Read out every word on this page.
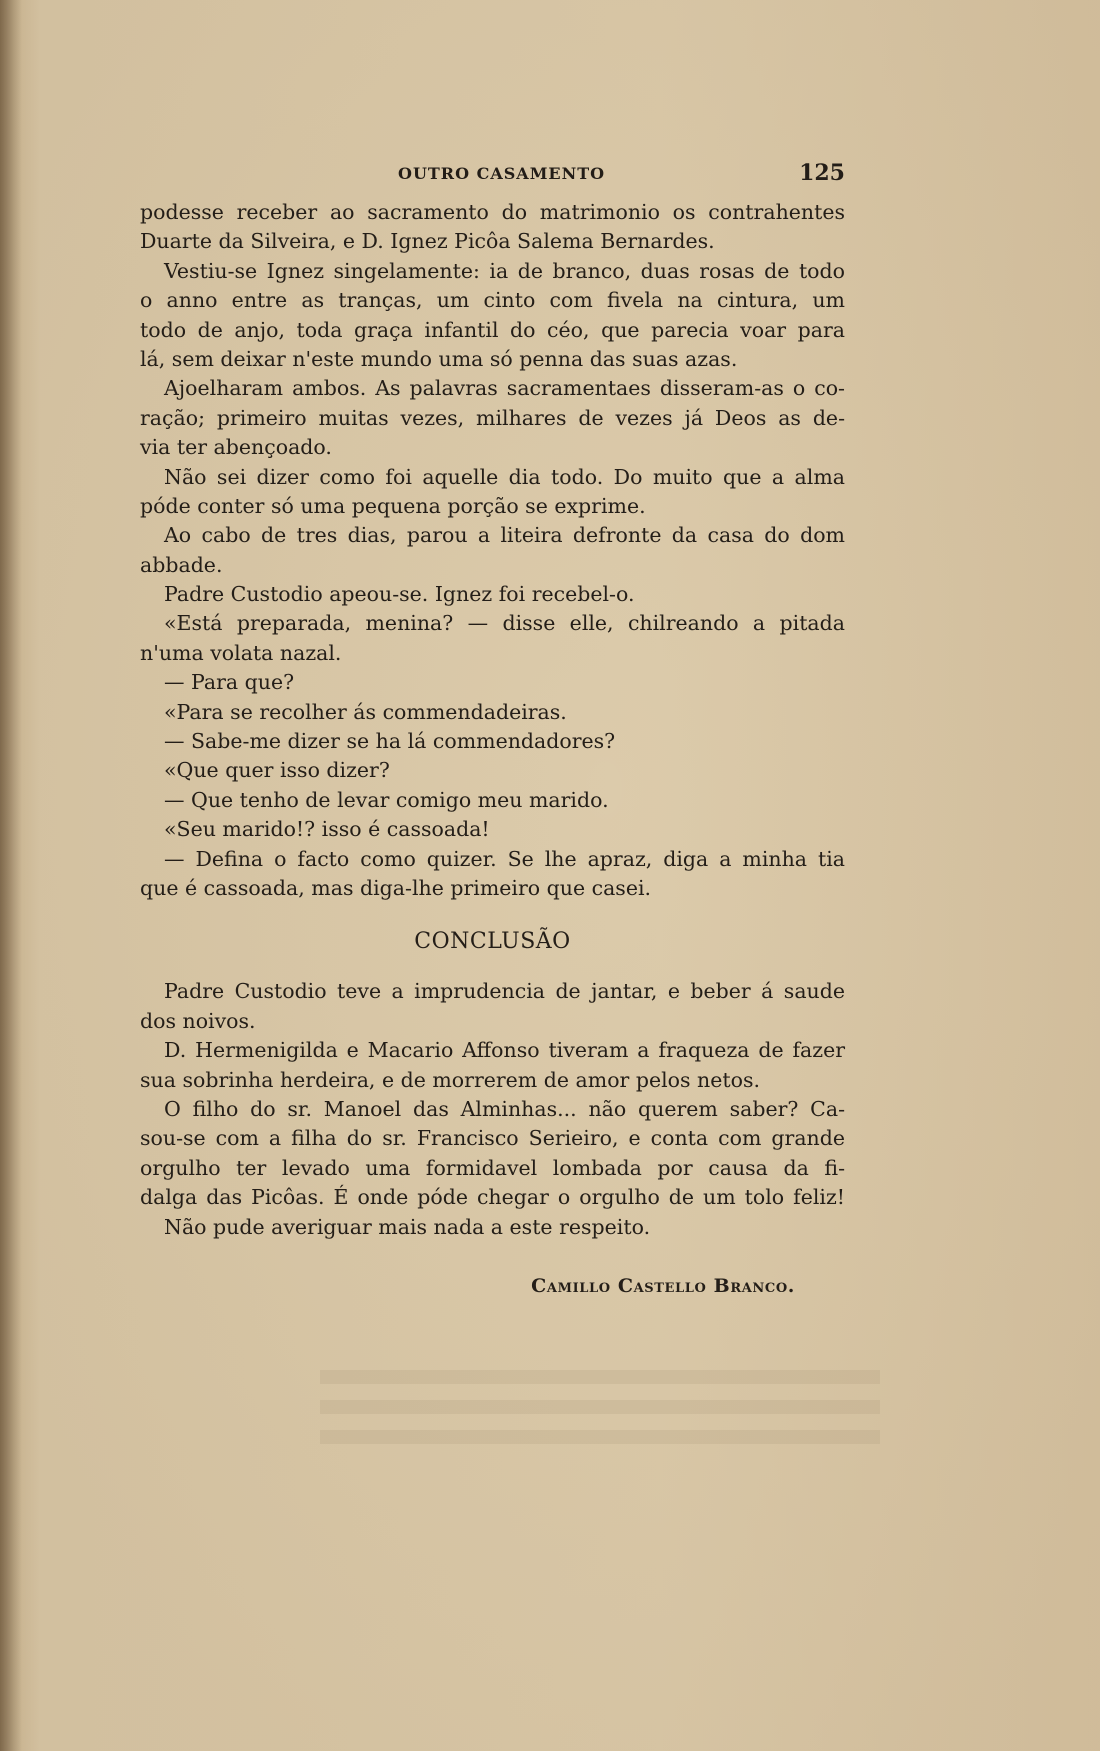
OUTRO CASAMENTO	125
podesse receber ao sacramento do matrimonio os contrahentes
Duarte da Silveira, e D. Ignez Picôa Salema Bernardes.
Vestiu-se Ignez singelamente: ia de branco, duas rosas de todo
o anno entre as tranças, um cinto com fivela na cintura, um
todo de anjo, toda graça infantil do céo, que parecia voar para
lá, sem deixar n'este mundo uma só penna das suas azas.
Ajoelharam ambos. As palavras sacramentaes disseram-as o co-
ração; primeiro muitas vezes, milhares de vezes já Deos as de-
via ter abençoado.
Não sei dizer como foi aquelle dia todo. Do muito que a alma
póde conter só uma pequena porção se exprime.
Ao cabo de tres dias, parou a liteira defronte da casa do dom
abbade.
Padre Custodio apeou-se. Ignez foi recebel-o.
«Está preparada, menina? — disse elle, chilreando a pitada
n'uma volata nazal.
— Para que?
«Para se recolher ás commendadeiras.
— Sabe-me dizer se ha lá commendadores?
«Que quer isso dizer?
— Que tenho de levar comigo meu marido.
«Seu marido!? isso é cassoada!
— Defina o facto como quizer. Se lhe apraz, diga a minha tia
que é cassoada, mas diga-lhe primeiro que casei.
CONCLUSÃO
Padre Custodio teve a imprudencia de jantar, e beber á saude
dos noivos.
D. Hermenigilda e Macario Affonso tiveram a fraqueza de fazer
sua sobrinha herdeira, e de morrerem de amor pelos netos.
O filho do sr. Manoel das Alminhas... não querem saber? Ca-
sou-se com a filha do sr. Francisco Serieiro, e conta com grande
orgulho ter levado uma formidavel lombada por causa da fi-
dalga das Picôas. É onde póde chegar o orgulho de um tolo feliz!
Não pude averiguar mais nada a este respeito.
Camillo Castello Branco.
